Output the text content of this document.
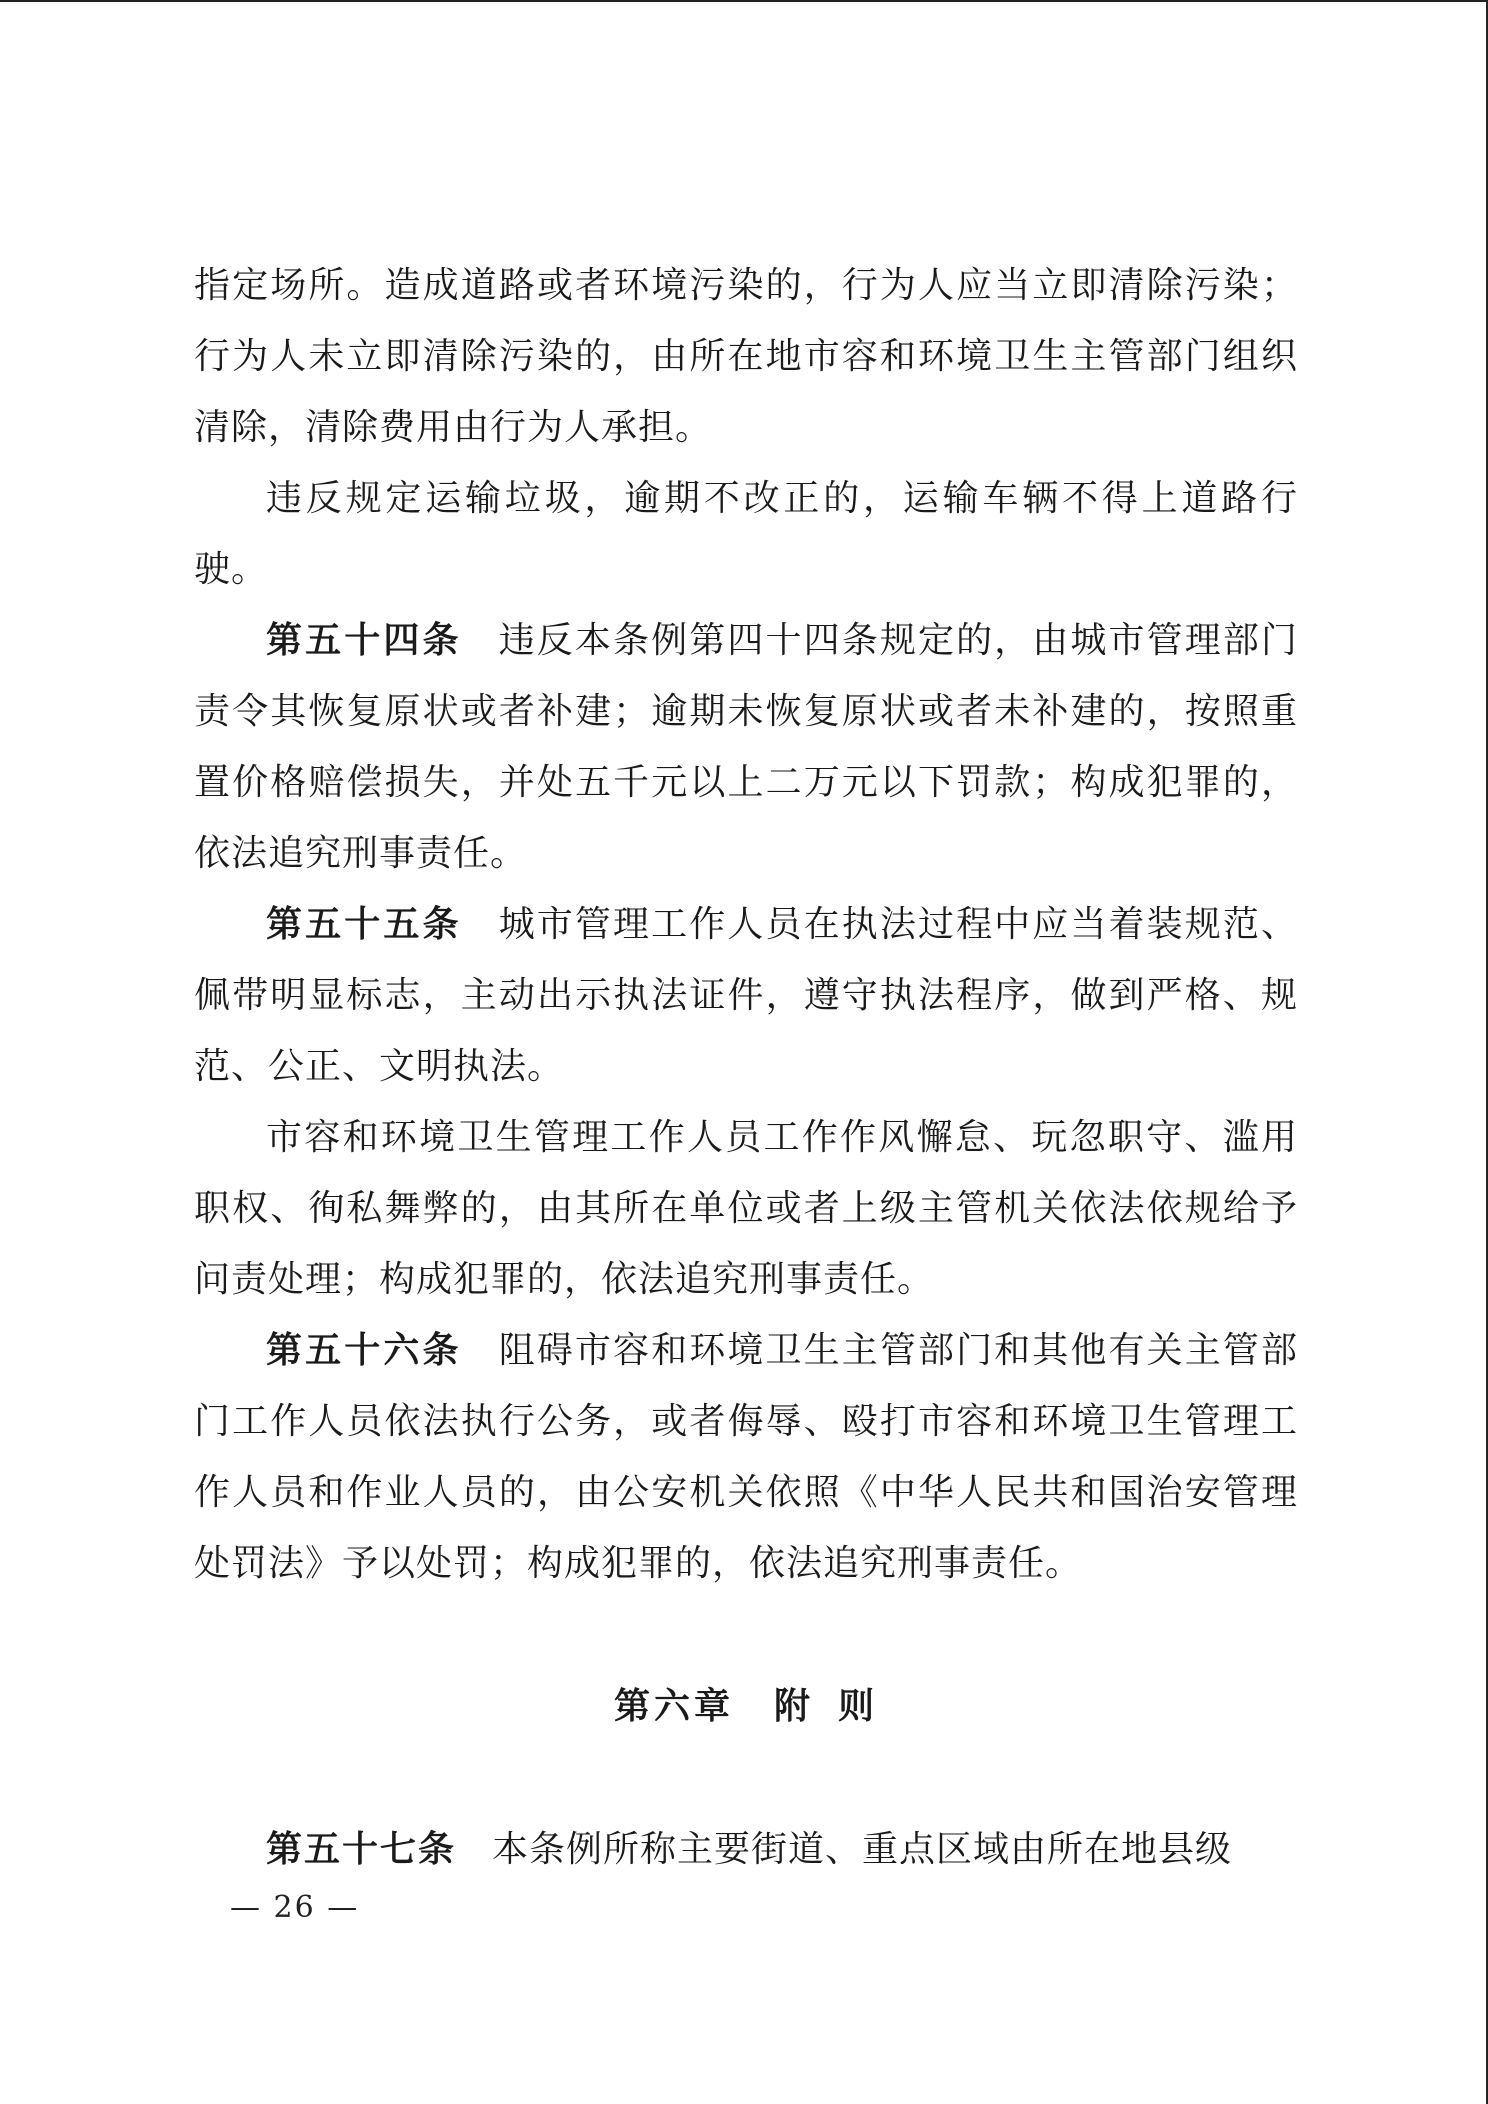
指定场所。造成道路或者环境污染的，行为人应当立即清除污染；行为人未立即清除污染的，由所在地市容和环境卫生主管部门组织清除，清除费用由行为人承担。

违反规定运输垃圾，逾期不改正的，运输车辆不得上道路行驶。

第五十四条 违反本条例第四十四条规定的，由城市管理部门责令其恢复原状或者补建；逾期未恢复原状或者未补建的，按照重置价格赔偿损失，并处五千元以上二万元以下罚款；构成犯罪的，依法追究刑事责任。

第五十五条 城市管理工作人员在执法过程中应当着装规范、佩带明显标志，主动出示执法证件，遵守执法程序，做到严格、规范、公正、文明执法。

市容和环境卫生管理工作人员工作作风懈怠、玩忽职守、滥用职权、徇私舞弊的，由其所在单位或者上级主管机关依法依规给予问责处理；构成犯罪的，依法追究刑事责任。

第五十六条 阻碍市容和环境卫生主管部门和其他有关主管部门工作人员依法执行公务，或者侮辱、殴打市容和环境卫生管理工作人员和作业人员的，由公安机关依照《中华人民共和国治安管理处罚法》予以处罚；构成犯罪的，依法追究刑事责任。

第六章 附 则

第五十七条 本条例所称主要街道、重点区域由所在地县级

— 26 —
